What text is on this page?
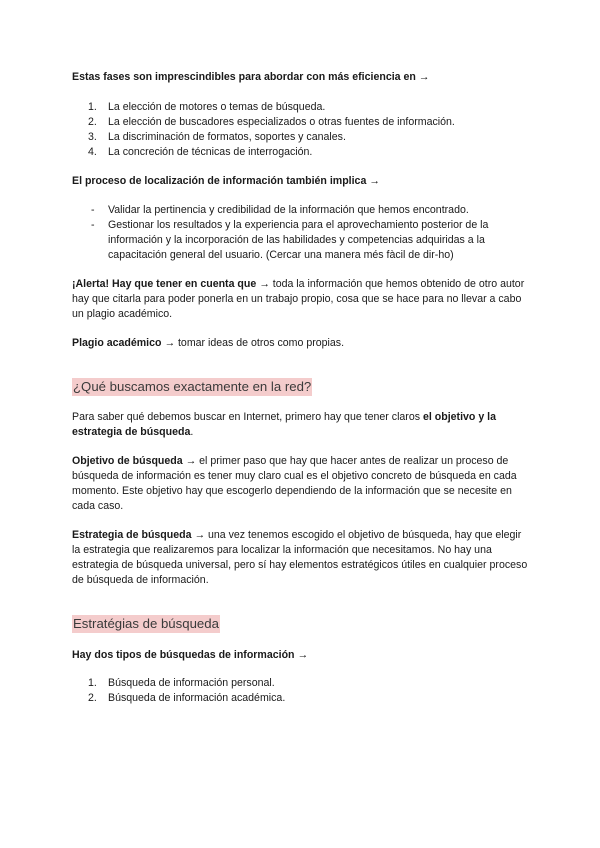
Estas fases son imprescindibles para abordar con más eficiencia en →

1. La elección de motores o temas de búsqueda.
2. La elección de buscadores especializados o otras fuentes de información.
3. La discriminación de formatos, soportes y canales.
4. La concreción de técnicas de interrogación.

El proceso de localización de información también implica →

- Validar la pertinencia y credibilidad de la información que hemos encontrado.
- Gestionar los resultados y la experiencia para el aprovechamiento posterior de la información y la incorporación de las habilidades y competencias adquiridas a la capacitación general del usuario. (Cercar una manera més fàcil de dir-ho)

¡Alerta! Hay que tener en cuenta que → toda la información que hemos obtenido de otro autor hay que citarla para poder ponerla en un trabajo propio, cosa que se hace para no llevar a cabo un plagio académico.

Plagio académico → tomar ideas de otros como propias.

¿Qué buscamos exactamente en la red?

Para saber qué debemos buscar en Internet, primero hay que tener claros el objetivo y la estrategia de búsqueda.

Objetivo de búsqueda → el primer paso que hay que hacer antes de realizar un proceso de búsqueda de información es tener muy claro cual es el objetivo concreto de búsqueda en cada momento. Este objetivo hay que escogerlo dependiendo de la información que se necesite en cada caso.

Estrategia de búsqueda → una vez tenemos escogido el objetivo de búsqueda, hay que elegir la estrategia que realizaremos para localizar la información que necesitamos. No hay una estrategia de búsqueda universal, pero sí hay elementos estratégicos útiles en cualquier proceso de búsqueda de información.

Estratégias de búsqueda

Hay dos tipos de búsquedas de información →

1. Búsqueda de información personal.
2. Búsqueda de información académica.
